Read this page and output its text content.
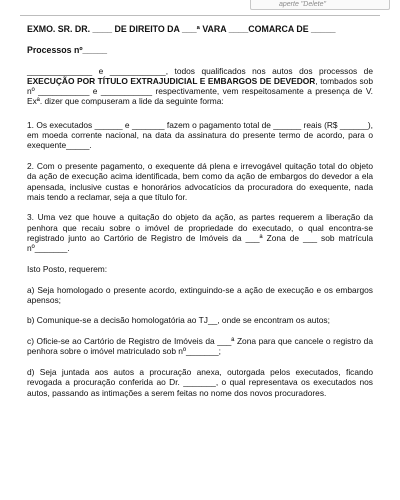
aperte "Delete"
EXMO. SR. DR. ____ DE DIREITO DA ___ª VARA ____COMARCA DE _____
Processos nº_____

______________ e ____________, todos qualificados nos autos dos processos de EXECUÇÃO POR TÍTULO EXTRAJUDICIAL E EMBARGOS DE DEVEDOR, tombados sob nº ___________ e ___________ respectivamente, vem respeitosamente a presença de V. Exª. dizer que compuseram a lide da seguinte forma:

1. Os executados ______ e _______ fazem o pagamento total de ______ reais (R$ ______), em moeda corrente nacional, na data da assinatura do presente termo de acordo, para o exequente_____.

2. Com o presente pagamento, o exequente dá plena e irrevogável quitação total do objeto da ação de execução acima identificada, bem como da ação de embargos do devedor a ela apensada, inclusive custas e honorários advocatícios da procuradora do exequente, nada mais tendo a reclamar, seja a que título for.

3. Uma vez que houve a quitação do objeto da ação, as partes requerem a liberação da penhora que recaiu sobre o imóvel de propriedade do executado, o qual encontra-se registrado junto ao Cartório de Registro de Imóveis da ___ª Zona de ___ sob matrícula nº_______.

Isto Posto, requerem:

a) Seja homologado o presente acordo, extinguindo-se a ação de execução e os embargos apensos;

b) Comunique-se a decisão homologatória ao TJ__, onde se encontram os autos;

c) Oficie-se ao Cartório de Registro de Imóveis da ___ª Zona para que cancele o registro da penhora sobre o imóvel matriculado sob nº_______;

d) Seja juntada aos autos a procuração anexa, outorgada pelos executados, ficando revogada a procuração conferida ao Dr. _______, o qual representava os executados nos autos, passando as intimações a serem feitas no nome dos novos procuradores.
